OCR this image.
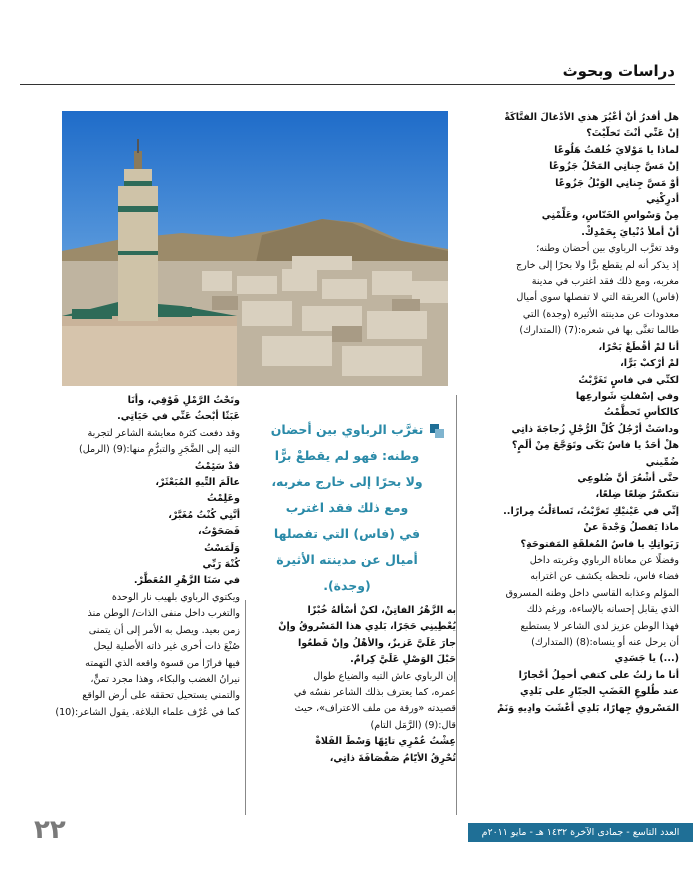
دراسات وبحوث
هل أقدرُ أنْ أعْبُرَ هذي الأدْغالَ الفتَّاكَةْ
إنْ عَنِّي أنْتَ تَخلّيْتَ؟
لماذا يا مَوْلايَ خُلقتُ هَلُوعًا
إنْ مَسَّ جِنانِي المَحْلُ جَزُوعًا
أوْ مَسَّ جِنانِي الوَبْلُ جَزُوعًا
أدرِكْنِي
مِنْ وَسْواسِ الخَنّاسِ، وعَلِّمْنِي
أنْ أملأ دُنْيايَ بِحَمْدِكْ.
وقد تغرَّب الرباوي بين أحضان وطنه؛
إذ يذكر أنه لم يقطع برًّا ولا بحرًا إلى خارج
مغربه، ومع ذلك فقد اغترب في مدينة
(فاس) العريقة التي لا تفصلها سوى أميال
معدودات عن مدينته الأثيرة (وجدة) التي
طالما تغنَّى بها في شعره:(7) (المتدارك)
أنا لمْ أقْطَعْ بَحْرًا،
لمْ أرْكبْ بَرًّا،
لكنِّي في فاسٍ تَغَرَّبْتُ
وفي إسْفلتِ شَوارعِها
كالكأسِ تَحطَّمْتُ
وداسَتْ أرْجُلُ كُلِّ الرُّجْلِ زُجاجَةَ ذاتِي
هلْ أحَدٌ يا فاسُ بَكَى وتَوَجَّعَ مِنْ ألَمٍ؟
ضُمِّيني
حتَّى أشْعُرَ أنَّ ضُلوعِي
تتكسَّرُ ضِلعًا ضِلعًا،
إنِّي في عَيْنيْكِ تَغرَّبْتُ، تَساءَلْتُ مِرارًا..
ماذا يَفصلُ وَجْدةَ عنْ
رَبَواتِكِ يا فاسُ المُغلقَةِ المَفتوحَةِ؟
وفضلًا عن معاناة الرباوي وغربته داخل
فضاء فاس، نلحظه يكشف عن اغترابه
المؤلم وعذابه القاسي داخل وطنه المسروق
الذي يقابل إحسانه بالإساءة، ورغم ذلك
فهذا الوطن عزيز لدى الشاعر لا يستطيع
أن يرحل عنه أو ينساه:(8) (المتدارك)
(...) يا جَسَدِي
أنا ما زلتُ على كتفي أحمِلُ أحْجارًا
عند طُلوعِ الغَضَبِ الجبّارِ على بَلدِي
المَسْروقِ جِهارًا، بَلدِي أعْشَبَ وادِيهِ وَنَمْ
تغرَّب الرباوي بين أحضان
وطنه: فهو لم يقطعْ برًّا
ولا بحرًا إلى خارج مغربه،
ومع ذلك فقد اغترب
في (فاس) التي تفصلها
أميال عن مدينته الأثيرة
(وجدة).
وتَحْتُ الرَّمْلِ فَوْقِي، وأنَا
عَبَثًا أبْحثُ عَنِّي في حَيَاتِي.
وقد دفعت كثرة معايشة الشاعر لتجربة
التيه إلى الضَّجَرِ والتبرُّمِ منها:(9) (الرمل)
قدْ سَئِمْتُ
عالَمَ التِّيهِ المُبَعْثَرْ،
وعَلِمْتُ
أنَّنِي كُنْتُ مُغَبَّرْ،
فَصَحَوْتُ،
وَلَمَسْتُ
كُنْهَ رَبِّي
في سَنَا الزَّهْرِ المُعَطَّرْ.
ويكتوي الرباوي بلهيب نار الوحدة
والتغرب داخل منفى الذات/ الوطن منذ
زمن بعيد. ويصل به الأمر إلى أن يتمنى
صُنْعَ ذات أخرى غير ذاته الأصلية ليحل
فيها فرارًا من قسوة واقعه الذي التهمته
نيرانُ الغضب والبكاء، وهذا مجرد تمنٍّ،
والتمني يستحيل تحققه على أرض الواقع
كما في عُرْف علماء البلاغة. يقول الشاعر:(10)
به الزَّهْرُ الفاتِنْ، لكنْ أسْألهُ خُبْزًا
يُعْطِينِي حَجَرًا، بَلدِي هذا المَسْروقُ وإنْ
جارَ عَلَيَّ عَزيزٌ، والأهْلُ وإنْ قَطعُوا
حَبْلَ الوَصْلِ عَلَيَّ كِرامٌ.
إن الرباوي عاش التيه والضياع طوال
عمره، كما يعترف بذلك الشاعر نفسُه في
قصيدته «ورقة من ملف الاعتراف»، حيث
قال:(9) (الرَّمَل التام)
عِشْتُ عُمْرِي تائِهًا وَسْطَ الفَلاةْ
تُحْرِقُ الأيّامُ صَفْصَافَةَ ذاتِي،
العدد التاسع - جمادى الآخرة ١٤٣٢ هـ - مايو ٢٠١١م
٢٢
